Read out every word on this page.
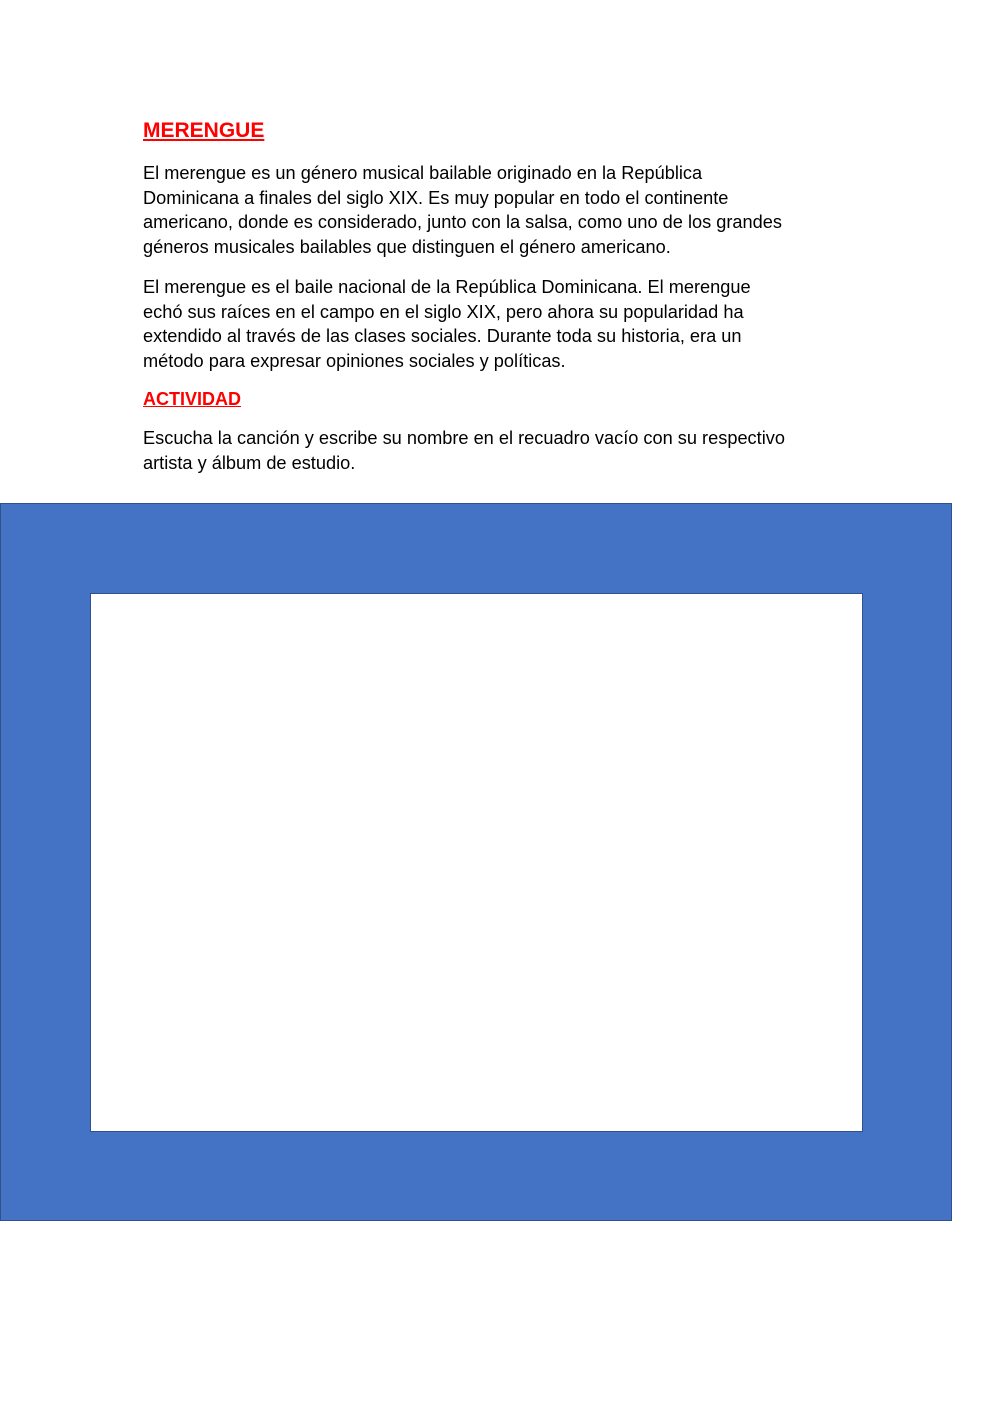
MERENGUE

El merengue es un género musical bailable originado en la República
Dominicana a finales del siglo XIX. Es muy popular en todo el continente
americano, donde es considerado, junto con la salsa, como uno de los grandes
géneros musicales bailables que distinguen el género americano.

El merengue es el baile nacional de la República Dominicana. El merengue
echó sus raíces en el campo en el siglo XIX, pero ahora su popularidad ha
extendido al través de las clases sociales. Durante toda su historia, era un
método para expresar opiniones sociales y políticas.

ACTIVIDAD

Escucha la canción y escribe su nombre en el recuadro vacío con su respectivo
artista y álbum de estudio.
